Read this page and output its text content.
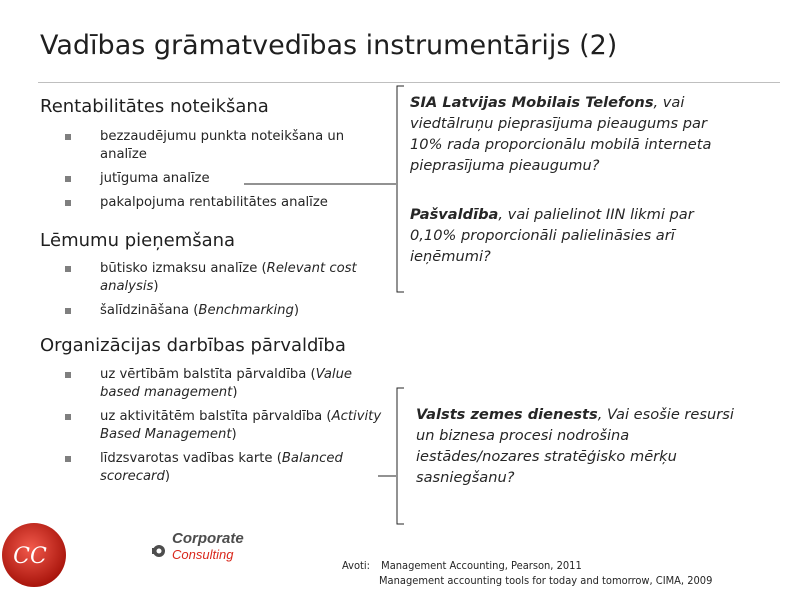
Vadības grāmatvedības instrumentārijs (2)
Rentabilitātes noteikšana
bezzaudējumu punkta noteikšana un analīze
jutīguma analīze
pakalpojuma rentabilitātes analīze
Lēmumu pieņemšana
būtisko izmaksu analīze (Relevant cost analysis)
šalīdzināšana (Benchmarking)
Organizācijas darbības pārvaldība
uz vērtībām balstīta pārvaldība (Value based management)
uz aktivitātēm balstīta pārvaldība (Activity Based Management)
līdzsvarotas vadības karte (Balanced scorecard)
SIA Latvijas Mobilais Telefons, vai viedtālruņu pieprasījuma pieaugums par 10% rada proporcionālu mobilā interneta pieprasījuma pieaugumu?
Pašvaldība, vai palielinot IIN likmi par 0,10% proporcionāli palielināsies arī ieņēmumi?
Valsts zemes dienests, Vai esošie resursi un biznesa procesi nodrošina iestādes/nozares stratēģisko mērķu sasniegšanu?
CC
Corporate
Consulting
Avoti: Management Accounting, Pearson, 2011
Management accounting tools for today and tomorrow, CIMA, 2009
